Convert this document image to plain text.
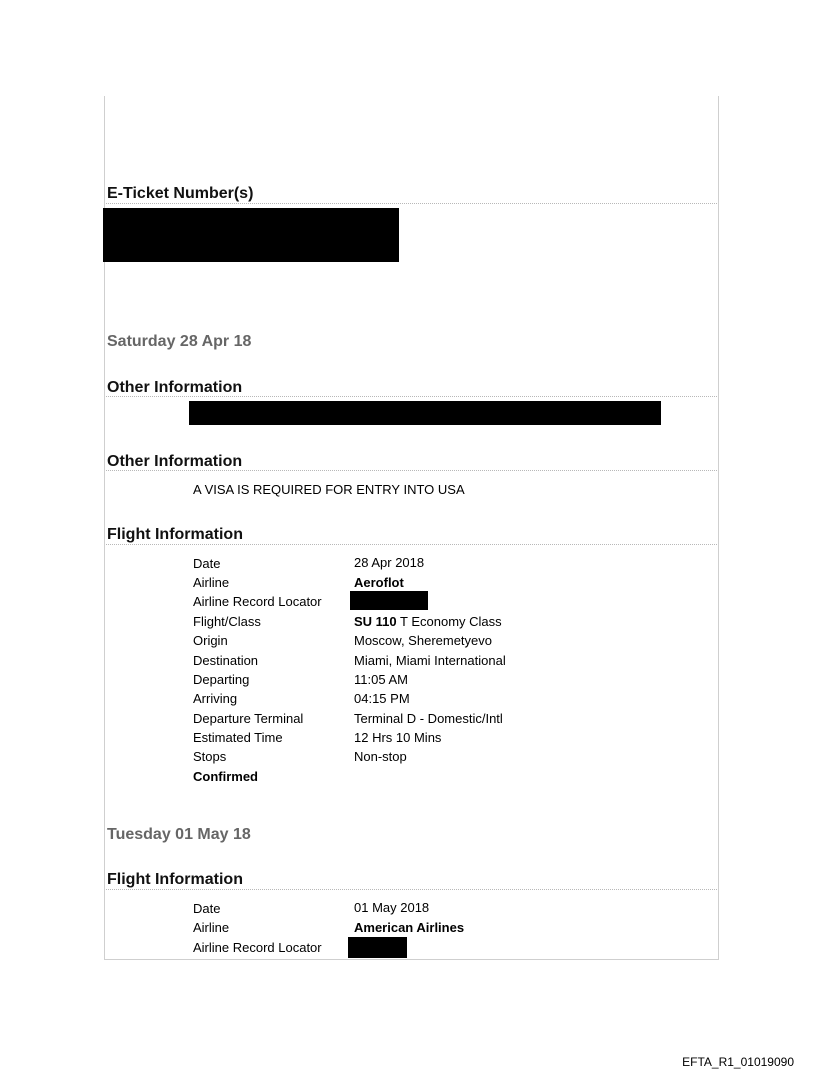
E-Ticket Number(s)
Saturday 28 Apr 18
Other Information
Other Information
A VISA IS REQUIRED FOR ENTRY INTO USA
Flight Information
Date	28 Apr 2018
Airline	Aeroflot
Airline Record Locator
Flight/Class	SU 110 T Economy Class
Origin	Moscow, Sheremetyevo
Destination	Miami, Miami International
Departing	11:05 AM
Arriving	04:15 PM
Departure Terminal	Terminal D - Domestic/Intl
Estimated Time	12 Hrs 10 Mins
Stops	Non-stop
Confirmed
Tuesday 01 May 18
Flight Information
Date	01 May 2018
Airline	American Airlines
Airline Record Locator
EFTA_R1_01019090
